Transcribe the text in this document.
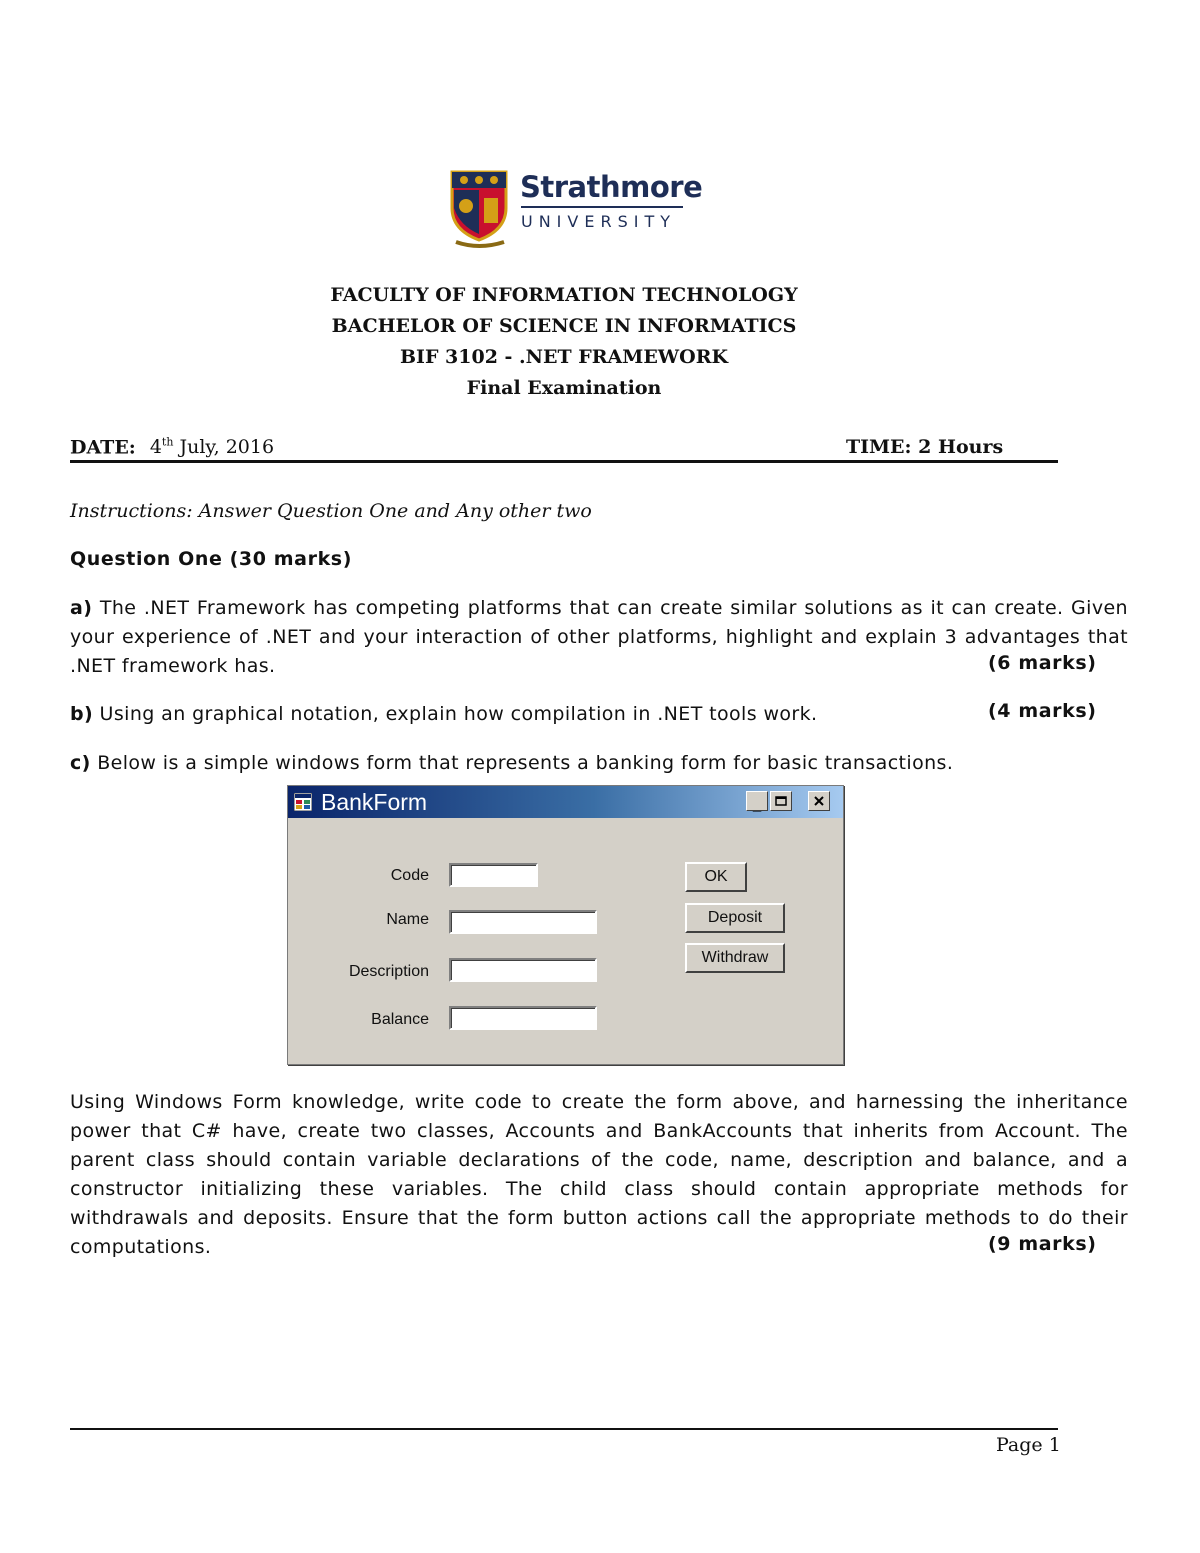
Strathmore
UNIVERSITY
FACULTY OF INFORMATION TECHNOLOGY
BACHELOR OF SCIENCE IN INFORMATICS
BIF 3102 - .NET FRAMEWORK
Final Examination
DATE: 4th July, 2016	TIME: 2 Hours
Instructions: Answer Question One and Any other two
Question One (30 marks)
a) The .NET Framework has competing platforms that can create similar solutions as it can create. Given your experience of .NET and your interaction of other platforms, highlight and explain 3 advantages that .NET framework has.	(6 marks)
b) Using an graphical notation, explain how compilation in .NET tools work.	(4 marks)
c) Below is a simple windows form that represents a banking form for basic transactions.
BankForm	_
Code
Name
Description
Balance
OK
Deposit
Withdraw
Using Windows Form knowledge, write code to create the form above, and harnessing the inheritance power that C# have, create two classes, Accounts and BankAccounts that inherits from Account. The parent class should contain variable declarations of the code, name, description and balance, and a constructor initializing these variables. The child class should contain appropriate methods for withdrawals and deposits. Ensure that the form button actions call the appropriate methods to do their computations.	(9 marks)
Page 1
